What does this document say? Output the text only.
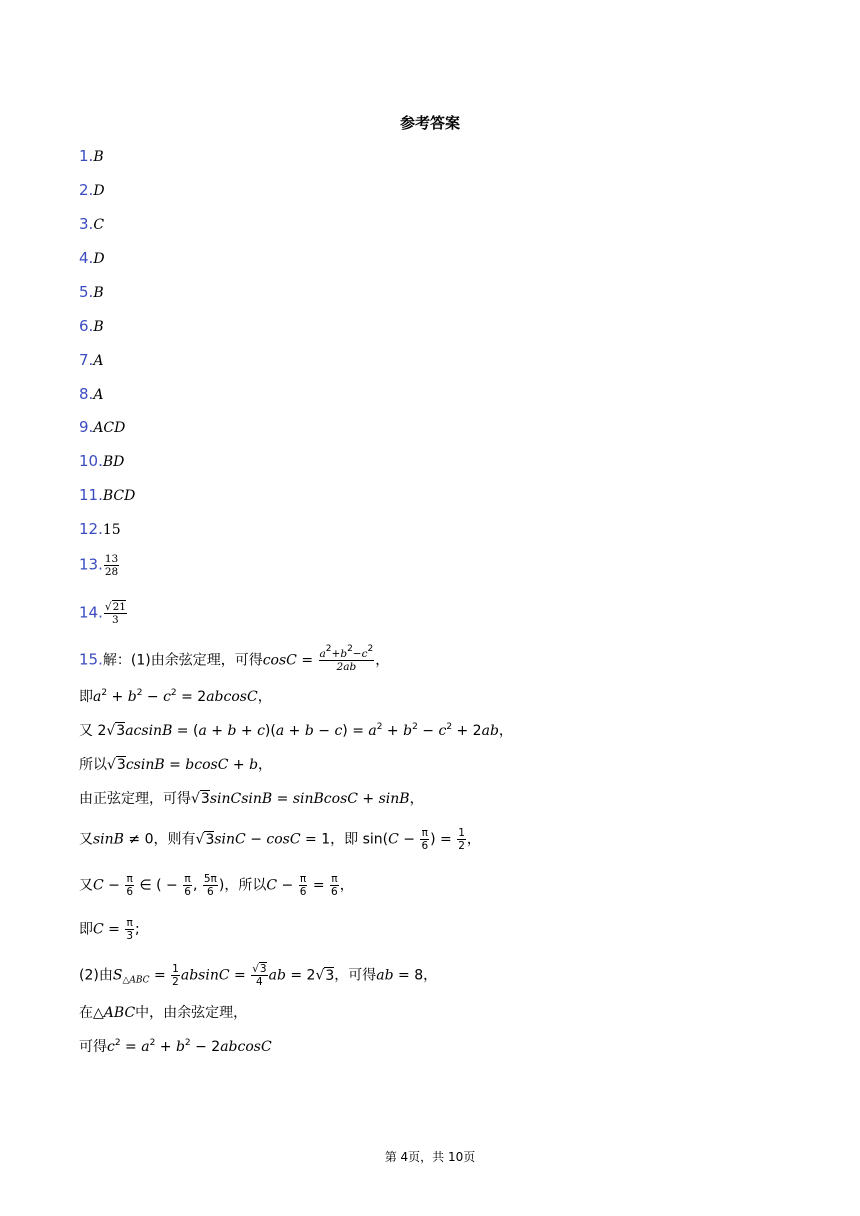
参考答案
1.B
2.D
3.C
4.D
5.B
6.B
7.A
8.A
9.ACD
10.BD
11.BCD
12.15
13. $\frac{13}{28}$
14. $\frac{√21}{3}$
15.解：(1)由余弦定理，可得$\cos C = \frac{a^2+b^2-c^2}{2ab}$ ，
即$a^2 + b^2 - c^2 = 2abcosC$，
又 $2√3acsinB = (a + b + c)(a + b - c) = a^2 + b^2 - c^2 + 2ab$，
所以√3csinB = bcosC + b，
由正弦定理，可得√3sinCsinB = sinBcosC + sinB，
又sinB ≠ 0，则有√3sinC − cosC = 1，即 $\sin(C - \frac{\pi}{6}$ ) = $\frac{1}{2}$ ，
又$C - \frac{\pi}{6}$ ∈ ( − $\frac{\pi}{6}$ , $\frac{5\pi}{6}$ )，所以$C - \frac{\pi}{6} = \frac{\pi}{6}$ ，
即$C = \frac{\pi}{3}$ ;
(2)由$S_{\triangle ABC} = \frac{1}{2}$ $absinC = \frac{√3}{4}$ ab = 2√3，可得ab = 8，
在△ABC中，由余弦定理，
可得$c^2 = a^2 + b^2 - 2abcosC$
第 4页，共 10页
